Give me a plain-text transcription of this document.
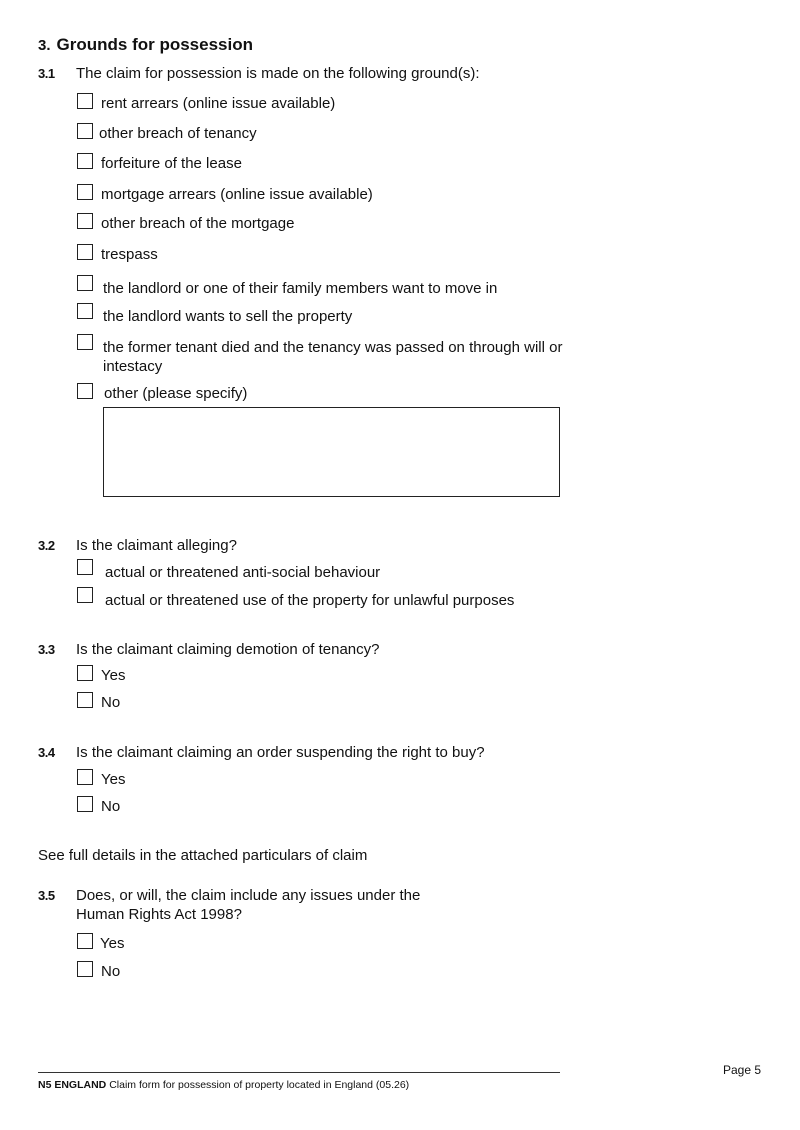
3. Grounds for possession
3.1 The claim for possession is made on the following ground(s):
rent arrears (online issue available)
other breach of tenancy
forfeiture of the lease
mortgage arrears (online issue available)
other breach of the mortgage
trespass
the landlord or one of their family members want to move in
the landlord wants to sell the property
the former tenant died and the tenancy was passed on through will or intestacy
other (please specify)
3.2 Is the claimant alleging?
actual or threatened anti-social behaviour
actual or threatened use of the property for unlawful purposes
3.3 Is the claimant claiming demotion of tenancy?
Yes
No
3.4 Is the claimant claiming an order suspending the right to buy?
Yes
No
See full details in the attached particulars of claim
3.5 Does, or will, the claim include any issues under the Human Rights Act 1998?
Yes
No
N5 ENGLAND Claim form for possession of property located in England (05.26)
Page 5
